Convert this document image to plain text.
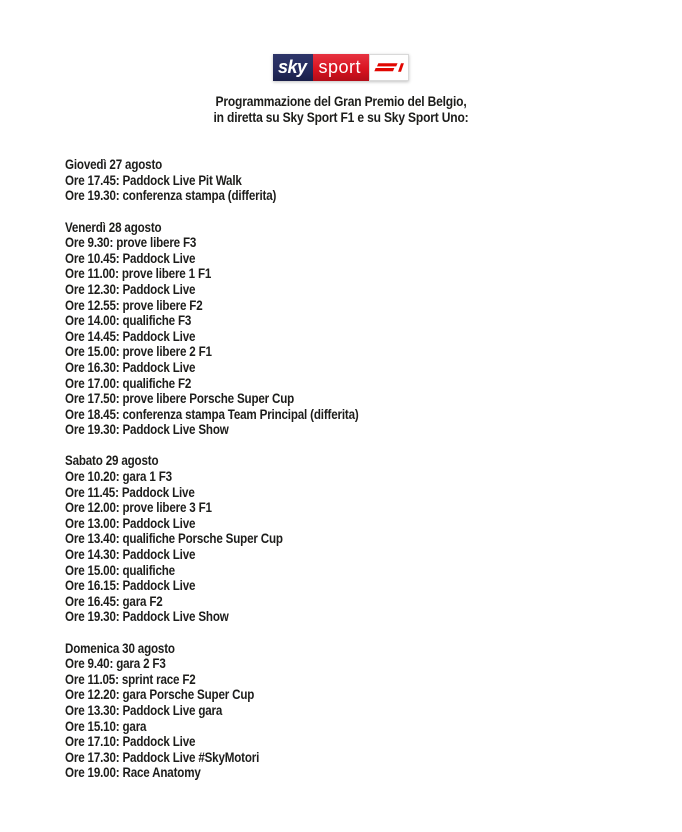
sky sport
Programmazione del Gran Premio del Belgio,
in diretta su Sky Sport F1 e su Sky Sport Uno:
Giovedì 27 agosto
Ore 17.45: Paddock Live Pit Walk
Ore 19.30: conferenza stampa (differita)
Venerdì 28 agosto
Ore 9.30: prove libere F3
Ore 10.45: Paddock Live
Ore 11.00: prove libere 1 F1
Ore 12.30: Paddock Live
Ore 12.55: prove libere F2
Ore 14.00: qualifiche F3
Ore 14.45: Paddock Live
Ore 15.00: prove libere 2 F1
Ore 16.30: Paddock Live
Ore 17.00: qualifiche F2
Ore 17.50: prove libere Porsche Super Cup
Ore 18.45: conferenza stampa Team Principal (differita)
Ore 19.30: Paddock Live Show
Sabato 29 agosto
Ore 10.20: gara 1 F3
Ore 11.45: Paddock Live
Ore 12.00: prove libere 3 F1
Ore 13.00: Paddock Live
Ore 13.40: qualifiche Porsche Super Cup
Ore 14.30: Paddock Live
Ore 15.00: qualifiche
Ore 16.15: Paddock Live
Ore 16.45: gara F2
Ore 19.30: Paddock Live Show
Domenica 30 agosto
Ore 9.40: gara 2 F3
Ore 11.05: sprint race F2
Ore 12.20: gara Porsche Super Cup
Ore 13.30: Paddock Live gara
Ore 15.10: gara
Ore 17.10: Paddock Live
Ore 17.30: Paddock Live #SkyMotori
Ore 19.00: Race Anatomy
